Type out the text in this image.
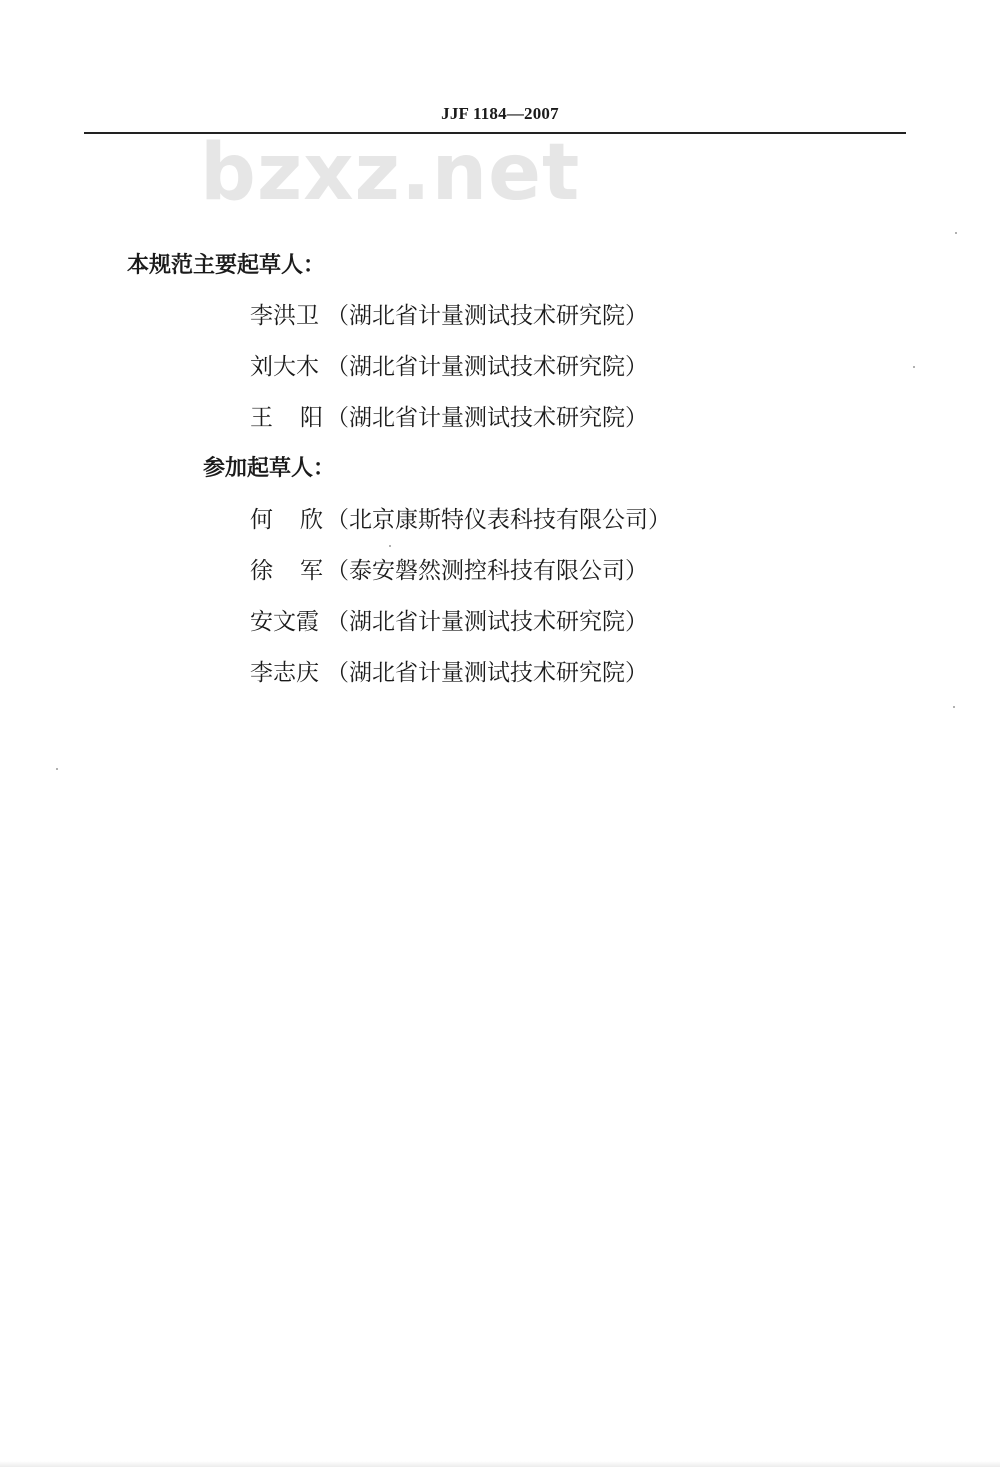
JJF 1184—2007
bzxz.net
本规范主要起草人：
李洪卫 （湖北省计量测试技术研究院）
刘大木 （湖北省计量测试技术研究院）
王阳（湖北省计量测试技术研究院）
参加起草人：
何欣（北京康斯特仪表科技有限公司）
徐军（泰安磐然测控科技有限公司）
安文霞 （湖北省计量测试技术研究院）
李志庆 （湖北省计量测试技术研究院）
